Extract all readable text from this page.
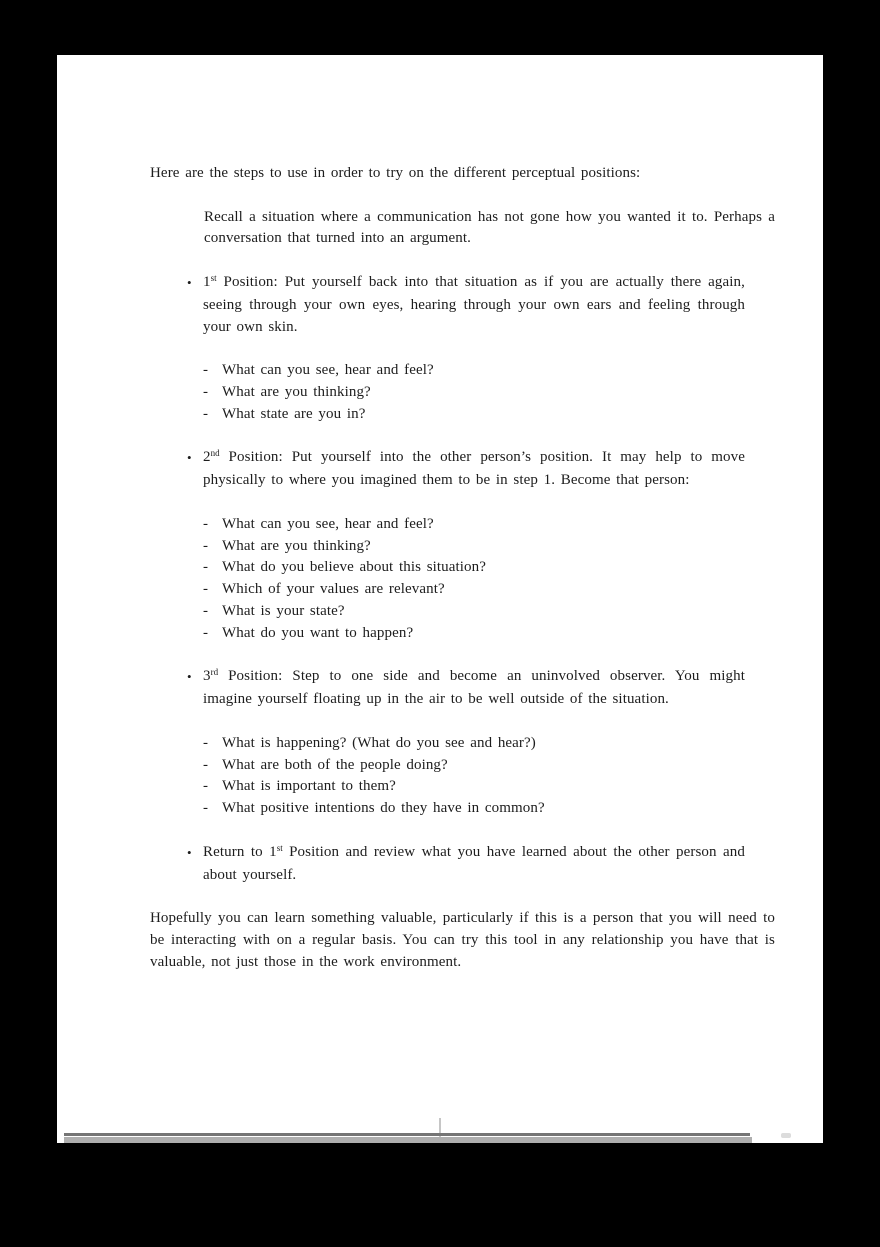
Here are the steps to use in order to try on the different perceptual positions:

Recall a situation where a communication has not gone how you wanted it to. Perhaps a conversation that turned into an argument.

• 1st Position: Put yourself back into that situation as if you are actually there again, seeing through your own eyes, hearing through your own ears and feeling through your own skin.
- What can you see, hear and feel?
- What are you thinking?
- What state are you in?
• 2nd Position: Put yourself into the other person’s position. It may help to move physically to where you imagined them to be in step 1. Become that person:
- What can you see, hear and feel?
- What are you thinking?
- What do you believe about this situation?
- Which of your values are relevant?
- What is your state?
- What do you want to happen?
• 3rd Position: Step to one side and become an uninvolved observer. You might imagine yourself floating up in the air to be well outside of the situation.
- What is happening? (What do you see and hear?)
- What are both of the people doing?
- What is important to them?
- What positive intentions do they have in common?
• Return to 1st Position and review what you have learned about the other person and about yourself.

Hopefully you can learn something valuable, particularly if this is a person that you will need to be interacting with on a regular basis. You can try this tool in any relationship you have that is valuable, not just those in the work environment.
